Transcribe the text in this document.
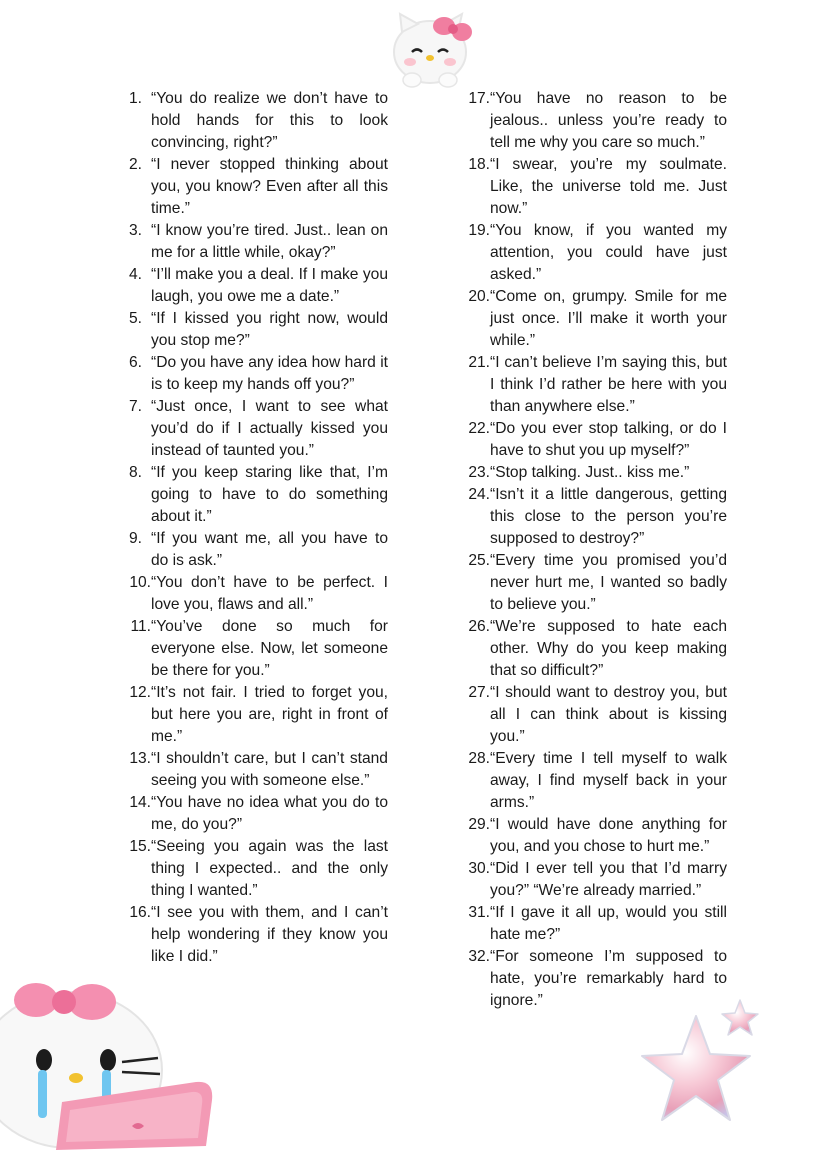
1. “You do realize we don’t have to hold hands for this to look convincing, right?”
2. “I never stopped thinking about you, you know? Even after all this time.”
3. “I know you’re tired. Just.. lean on me for a little while, okay?”
4. “I’ll make you a deal. If I make you laugh, you owe me a date.”
5. “If I kissed you right now, would you stop me?”
6. “Do you have any idea how hard it is to keep my hands off you?”
7. “Just once, I want to see what you’d do if I actually kissed you instead of taunted you.”
8. “If you keep staring like that, I’m going to have to do something about it.”
9. “If you want me, all you have to do is ask.”
10. “You don’t have to be perfect. I love you, flaws and all.”
11. “You’ve done so much for everyone else. Now, let someone be there for you.”
12. “It’s not fair. I tried to forget you, but here you are, right in front of me.”
13. “I shouldn’t care, but I can’t stand seeing you with someone else.”
14. “You have no idea what you do to me, do you?”
15. “Seeing you again was the last thing I expected.. and the only thing I wanted.”
16. “I see you with them, and I can’t help wondering if they know you like I did.”
17. “You have no reason to be jealous.. unless you’re ready to tell me why you care so much.”
18. “I swear, you’re my soulmate. Like, the universe told me. Just now.”
19. “You know, if you wanted my attention, you could have just asked.”
20. “Come on, grumpy. Smile for me just once. I’ll make it worth your while.”
21. “I can’t believe I’m saying this, but I think I’d rather be here with you than anywhere else.”
22. “Do you ever stop talking, or do I have to shut you up myself?”
23. “Stop talking. Just.. kiss me.”
24. “Isn’t it a little dangerous, getting this close to the person you’re supposed to destroy?”
25. “Every time you promised you’d never hurt me, I wanted so badly to believe you.”
26. “We’re supposed to hate each other. Why do you keep making that so difficult?”
27. “I should want to destroy you, but all I can think about is kissing you.”
28. “Every time I tell myself to walk away, I find myself back in your arms.”
29. “I would have done anything for you, and you chose to hurt me.”
30. “Did I ever tell you that I’d marry you?” “We’re already married.”
31. “If I gave it all up, would you still hate me?”
32. “For someone I’m supposed to hate, you’re remarkably hard to ignore.”
